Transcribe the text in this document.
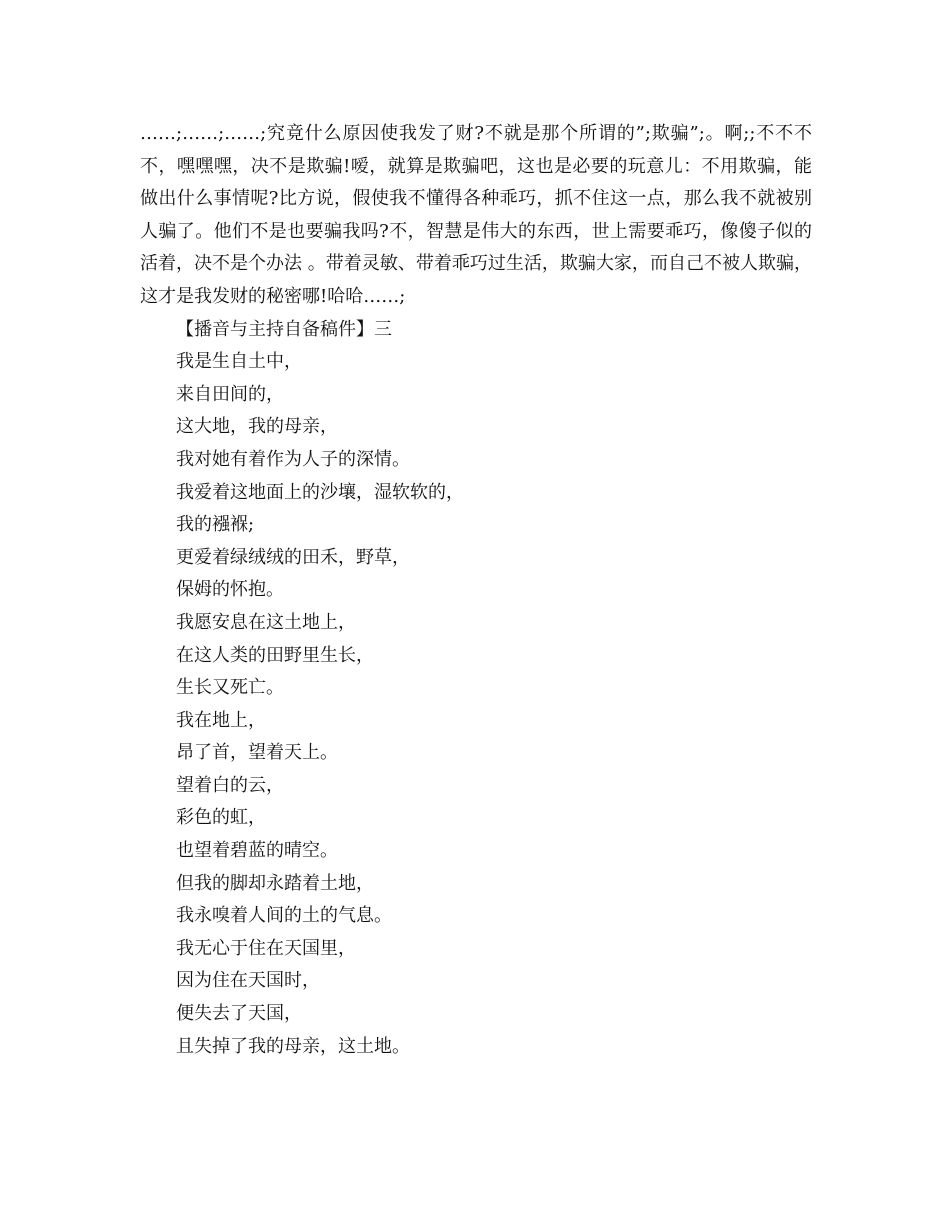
……;……;……;究竟什么原因使我发了财?不就是那个所谓的”;欺骗”;。啊;;不不不不，嘿嘿嘿，决不是欺骗!嗳，就算是欺骗吧，这也是必要的玩意儿：不用欺骗，能做出什么事情呢?比方说，假使我不懂得各种乖巧，抓不住这一点，那么我不就被别人骗了。他们不是也要骗我吗?不，智慧是伟大的东西，世上需要乖巧，像傻子似的活着，决不是个办法 。带着灵敏、带着乖巧过生活，欺骗大家，而自己不被人欺骗，这才是我发财的秘密哪!哈哈……;

【播音与主持自备稿件】三

我是生自土中，
来自田间的，
这大地，我的母亲，
我对她有着作为人子的深情。
我爱着这地面上的沙壤，湿软软的，
我的襁褓;
更爱着绿绒绒的田禾，野草，
保姆的怀抱。
我愿安息在这土地上，
在这人类的田野里生长，
生长又死亡。
我在地上，
昂了首，望着天上。
望着白的云，
彩色的虹，
也望着碧蓝的晴空。
但我的脚却永踏着土地，
我永嗅着人间的土的气息。
我无心于住在天国里，
因为住在天国时，
便失去了天国，
且失掉了我的母亲，这土地。
